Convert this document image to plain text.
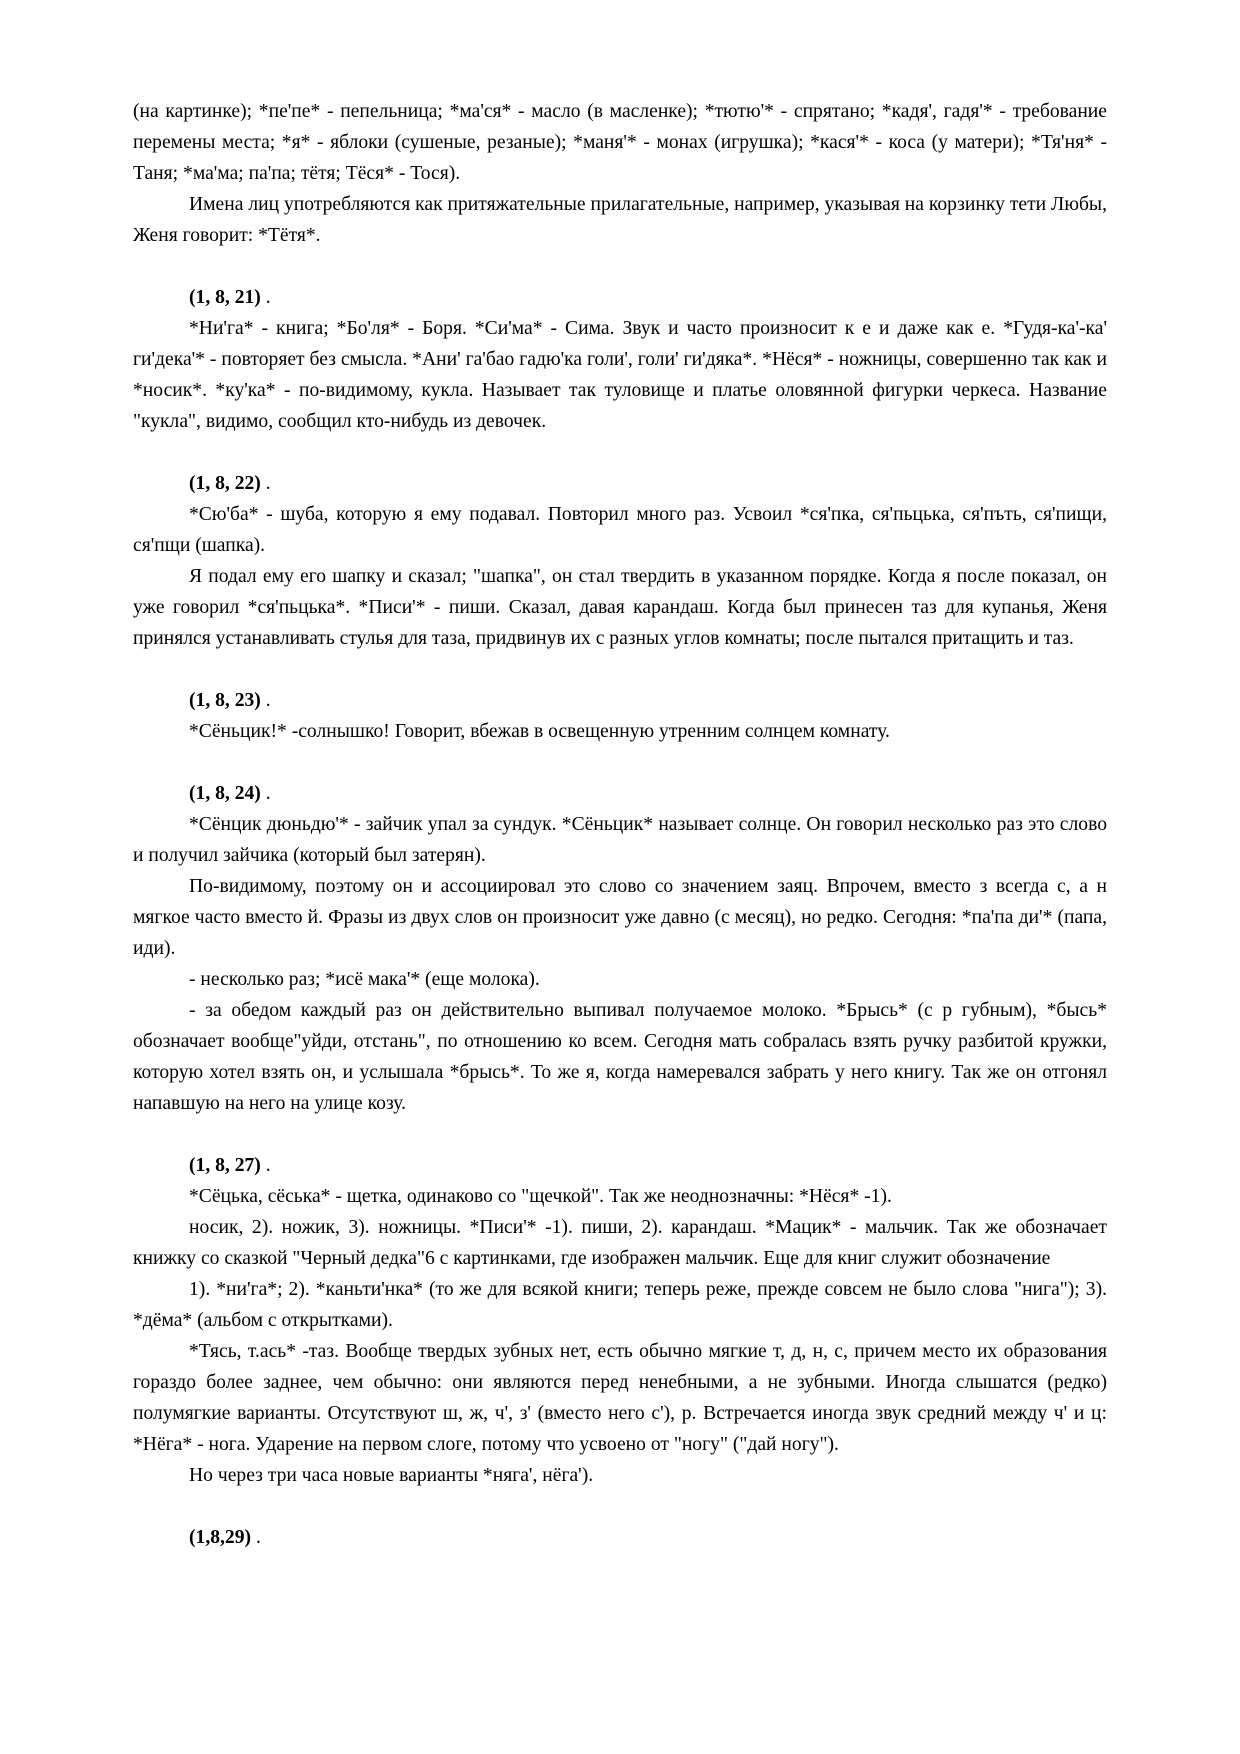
(на картинке); *пе'пе* - пепельница; *ма'ся* - масло (в масленке); *тютю'* - спрятано; *кадя', гадя'* - требование перемены места; *я* - яблоки (сушеные, резаные); *маня'* - монах (игрушка); *кася'* - коса (у матери); *Тя'ня* - Таня; *ма'ма; па'па; тётя; Тёся* - Тося).

Имена лиц употребляются как притяжательные прилагательные, например, указывая на корзинку тети Любы, Женя говорит: *Тётя*.

(1, 8, 21) .

*Ни'га* - книга; *Бо'ля* - Боря. *Си'ма* - Сима. Звук и часто произносит к е и даже как е. *Гудя-ка'-ка' ги'дека'* - повторяет без смысла. *Ани' га'бао гадю'ка голи', голи' ги'дяка*. *Нёся* - ножницы, совершенно так как и *носик*. *ку'ка* - по-видимому, кукла. Называет так туловище и платье оловянной фигурки черкеса. Название "кукла", видимо, сообщил кто-нибудь из девочек.

(1, 8, 22) .

*Сю'ба* - шуба, которую я ему подавал. Повторил много раз. Усвоил *ся'пка, ся'пьцька, ся'пъть, ся'пищи, ся'пщи (шапка).

Я подал ему его шапку и сказал; "шапка", он стал твердить в указанном порядке. Когда я после показал, он уже говорил *ся'пьцька*. *Писи'* - пиши. Сказал, давая карандаш. Когда был принесен таз для купанья, Женя принялся устанавливать стулья для таза, придвинув их с разных углов комнаты; после пытался притащить и таз.

(1, 8, 23) .

*Сёньцик!* -солнышко! Говорит, вбежав в освещенную утренним солнцем комнату.

(1, 8, 24) .

*Сёнцик дюньдю'* - зайчик упал за сундук. *Сёньцик* называет солнце. Он говорил несколько раз это слово и получил зайчика (который был затерян).

По-видимому, поэтому он и ассоциировал это слово со значением заяц. Впрочем, вместо з всегда с, а н мягкое часто вместо й. Фразы из двух слов он произносит уже давно (с месяц), но редко. Сегодня: *па'па ди'* (папа, иди).

- несколько раз; *исё мака'* (еще молока).

- за обедом каждый раз он действительно выпивал получаемое молоко. *Брысь* (с р губным), *бысь* обозначает вообще"уйди, отстань", по отношению ко всем. Сегодня мать собралась взять ручку разбитой кружки, которую хотел взять он, и услышала *брысь*. То же я, когда намеревался забрать у него книгу. Так же он отгонял напавшую на него на улице козу.

(1, 8, 27) .

*Сёцька, сёська* - щетка, одинаково со "щечкой". Так же неоднозначны: *Нёся* -1).

носик, 2). ножик, 3). ножницы. *Писи'* -1). пиши, 2). карандаш. *Мацик* - мальчик. Так же обозначает книжку со сказкой "Черный дедка"6 с картинками, где изображен мальчик. Еще для книг служит обозначение

1). *ни'га*; 2). *каньти'нка* (то же для всякой книги; теперь реже, прежде совсем не было слова "нига"); 3). *дёма* (альбом с открытками).

*Тясь, т.ась* -таз. Вообще твердых зубных нет, есть обычно мягкие т, д, н, с, причем место их образования гораздо более заднее, чем обычно: они являются перед ненебными, а не зубными. Иногда слышатся (редко) полумягкие варианты. Отсутствуют ш, ж, ч', з' (вместо него с'), р. Встречается иногда звук средний между ч' и ц: *Нёга* - нога. Ударение на первом слоге, потому что усвоено от "ногу" ("дай ногу").

Но через три часа новые варианты *няга', нёга').

(1,8,29) .
